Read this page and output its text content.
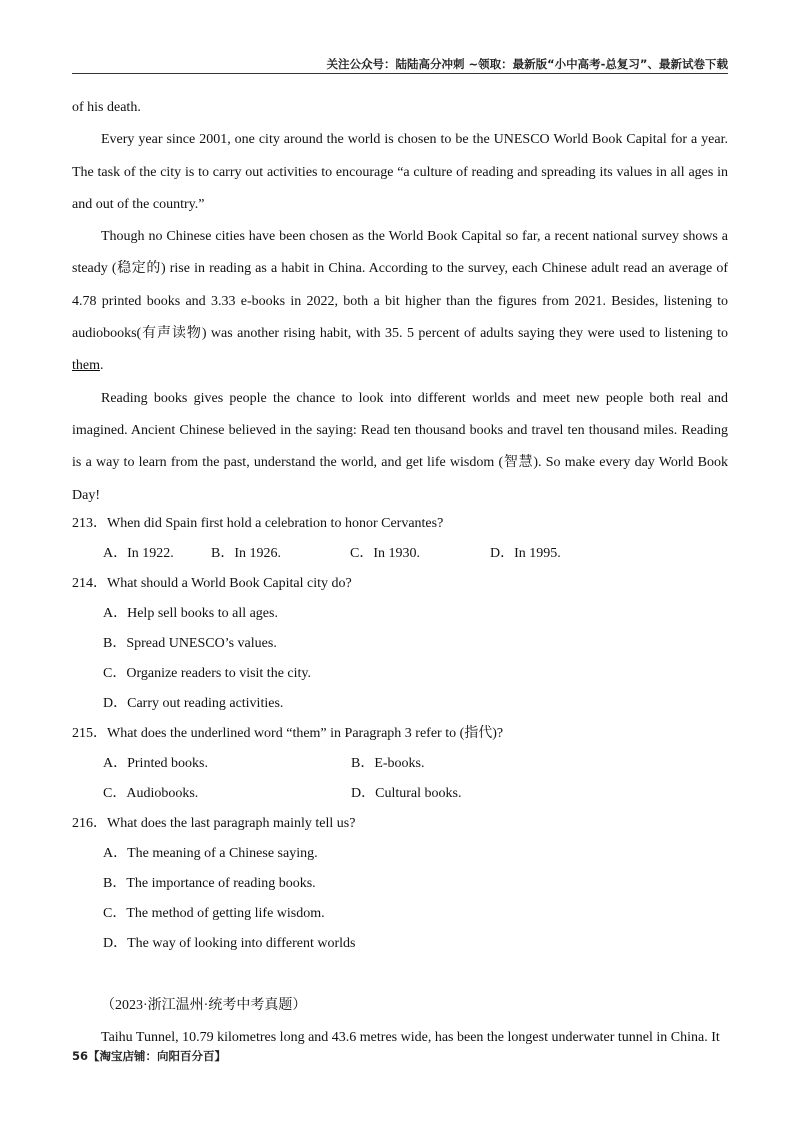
关注公众号：陆陆高分冲刺 ~领取：最新版“小中高考-总复习”、最新试卷下载

of his death.

Every year since 2001, one city around the world is chosen to be the UNESCO World Book Capital for a year. The task of the city is to carry out activities to encourage “a culture of reading and spreading its values in all ages in and out of the country.”

Though no Chinese cities have been chosen as the World Book Capital so far, a recent national survey shows a steady (稳定的) rise in reading as a habit in China. According to the survey, each Chinese adult read an average of 4.78 printed books and 3.33 e-books in 2022, both a bit higher than the figures from 2021. Besides, listening to audiobooks(有声读物) was another rising habit, with 35. 5 percent of adults saying they were used to listening to them.

Reading books gives people the chance to look into different worlds and meet new people both real and imagined. Ancient Chinese believed in the saying: Read ten thousand books and travel ten thousand miles. Reading is a way to learn from the past, understand the world, and get life wisdom (智慧). So make every day World Book Day!

213．When did Spain first hold a celebration to honor Cervantes?

A．In 1922.	B．In 1926.	C．In 1930.	D．In 1995.

214．What should a World Book Capital city do?

A．Help sell books to all ages.

B．Spread UNESCO’s values.

C．Organize readers to visit the city.

D．Carry out reading activities.

215．What does the underlined word “them” in Paragraph 3 refer to (指代)?

A．Printed books.	B．E-books.
C．Audiobooks.	D．Cultural books.

216．What does the last paragraph mainly tell us?

A．The meaning of a Chinese saying.

B．The importance of reading books.

C．The method of getting life wisdom.

D．The way of looking into different worlds

（2023·浙江温州·统考中考真题）

Taihu Tunnel, 10.79 kilometres long and 43.6 metres wide, has been the longest underwater tunnel in China. It

56【淘宝店铺：向阳百分百】
